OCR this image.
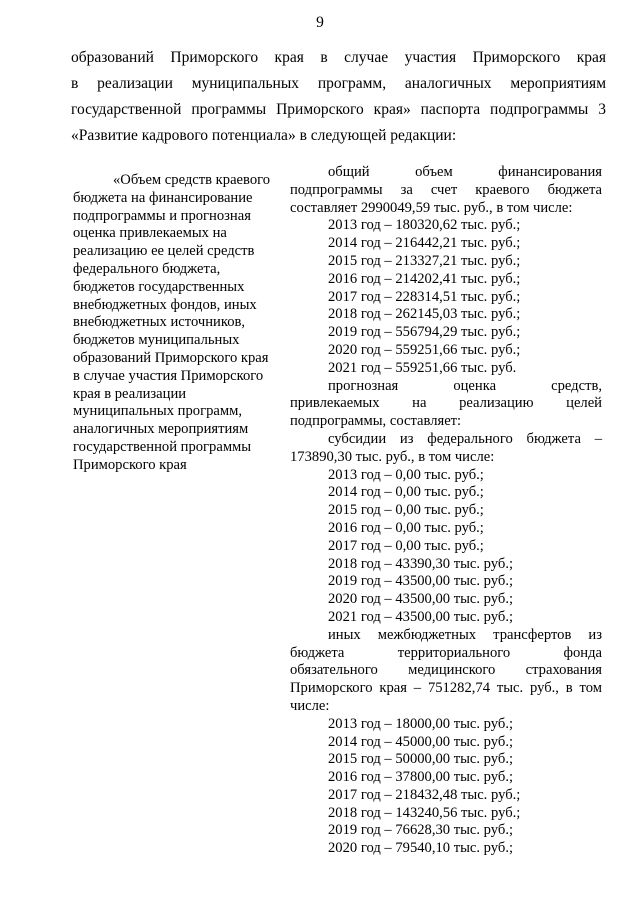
9
образований Приморского края в случае участия Приморского края
в реализации муниципальных программ, аналогичных мероприятиям
государственной программы Приморского края» паспорта подпрограммы 3
«Развитие кадрового потенциала» в следующей редакции:
«Объем средств краевого
бюджета на финансирование
подпрограммы и прогнозная
оценка привлекаемых на
реализацию ее целей средств
федерального бюджета,
бюджетов государственных
внебюджетных фондов, иных
внебюджетных источников,
бюджетов муниципальных
образований Приморского края
в случае участия Приморского
края в реализации
муниципальных программ,
аналогичных мероприятиям
государственной программы
Приморского края
общий объем финансирования
подпрограммы за счет краевого бюджета
составляет 2990049,59 тыс. руб., в том числе:
2013 год – 180320,62 тыс. руб.;
2014 год – 216442,21 тыс. руб.;
2015 год – 213327,21 тыс. руб.;
2016 год – 214202,41 тыс. руб.;
2017 год – 228314,51 тыс. руб.;
2018 год – 262145,03 тыс. руб.;
2019 год – 556794,29 тыс. руб.;
2020 год – 559251,66 тыс. руб.;
2021 год – 559251,66 тыс. руб.
прогнозная оценка средств,
привлекаемых на реализацию целей
подпрограммы, составляет:
субсидии из федерального бюджета –
173890,30 тыс. руб., в том числе:
2013 год – 0,00 тыс. руб.;
2014 год – 0,00 тыс. руб.;
2015 год – 0,00 тыс. руб.;
2016 год – 0,00 тыс. руб.;
2017 год – 0,00 тыс. руб.;
2018 год – 43390,30 тыс. руб.;
2019 год – 43500,00 тыс. руб.;
2020 год – 43500,00 тыс. руб.;
2021 год – 43500,00 тыс. руб.;
иных межбюджетных трансфертов из
бюджета территориального фонда
обязательного медицинского страхования
Приморского края – 751282,74 тыс. руб., в том
числе:
2013 год – 18000,00 тыс. руб.;
2014 год – 45000,00 тыс. руб.;
2015 год – 50000,00 тыс. руб.;
2016 год – 37800,00 тыс. руб.;
2017 год – 218432,48 тыс. руб.;
2018 год – 143240,56 тыс. руб.;
2019 год – 76628,30 тыс. руб.;
2020 год – 79540,10 тыс. руб.;
